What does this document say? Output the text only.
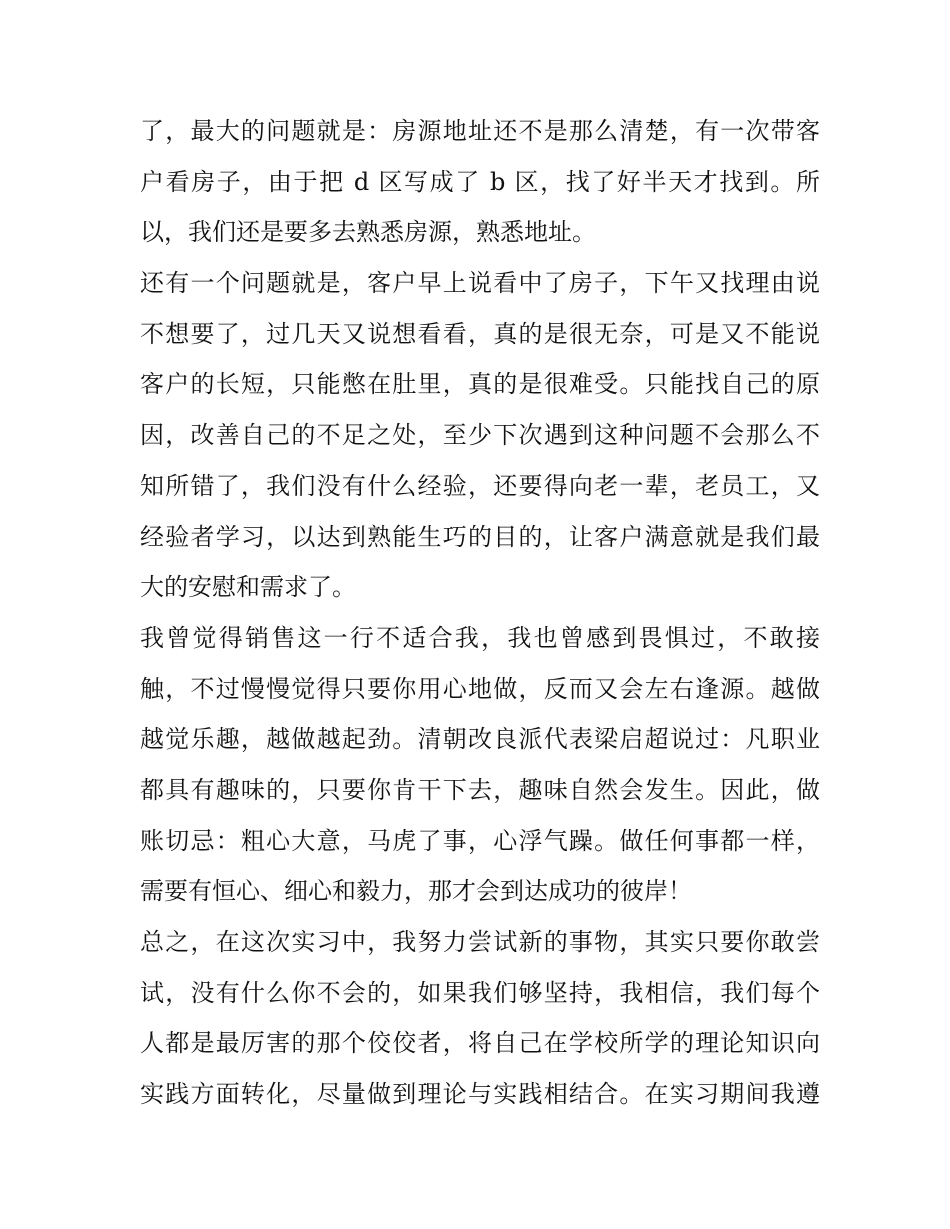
了，最大的问题就是：房源地址还不是那么清楚，有一次带客
户看房子，由于把 d 区写成了 b 区，找了好半天才找到。所
以，我们还是要多去熟悉房源，熟悉地址。
还有一个问题就是，客户早上说看中了房子，下午又找理由说
不想要了，过几天又说想看看，真的是很无奈，可是又不能说
客户的长短，只能憋在肚里，真的是很难受。只能找自己的原
因，改善自己的不足之处，至少下次遇到这种问题不会那么不
知所错了，我们没有什么经验，还要得向老一辈，老员工，又
经验者学习，以达到熟能生巧的目的，让客户满意就是我们最
大的安慰和需求了。
我曾觉得销售这一行不适合我，我也曾感到畏惧过，不敢接
触，不过慢慢觉得只要你用心地做，反而又会左右逢源。越做
越觉乐趣，越做越起劲。清朝改良派代表梁启超说过：凡职业
都具有趣味的，只要你肯干下去，趣味自然会发生。因此，做
账切忌：粗心大意，马虎了事，心浮气躁。做任何事都一样，
需要有恒心、细心和毅力，那才会到达成功的彼岸！
总之，在这次实习中，我努力尝试新的事物，其实只要你敢尝
试，没有什么你不会的，如果我们够坚持，我相信，我们每个
人都是最厉害的那个佼佼者，将自己在学校所学的理论知识向
实践方面转化，尽量做到理论与实践相结合。在实习期间我遵
